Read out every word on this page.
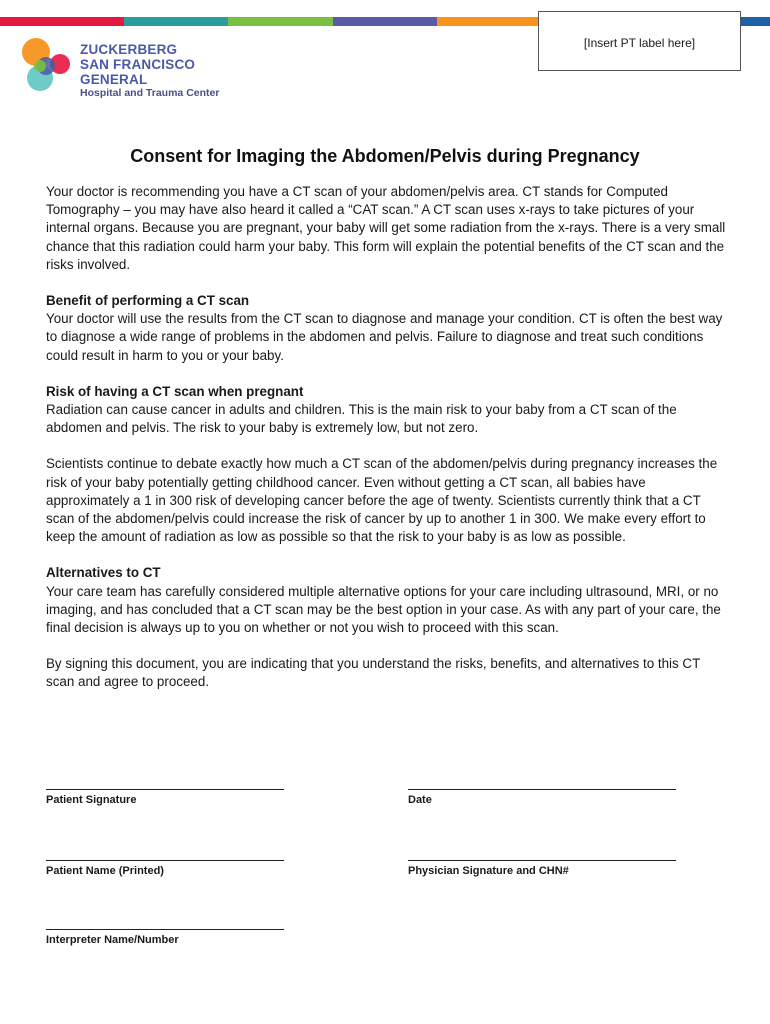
ZUCKERBERG
SAN FRANCISCO GENERAL
Hospital and Trauma Center
[Insert PT label here]
Consent for Imaging the Abdomen/Pelvis during Pregnancy

Your doctor is recommending you have a CT scan of your abdomen/pelvis area. CT stands for Computed Tomography – you may have also heard it called a “CAT scan.” A CT scan uses x-rays to take pictures of your internal organs. Because you are pregnant, your baby will get some radiation from the x-rays. There is a very small chance that this radiation could harm your baby. This form will explain the potential benefits of the CT scan and the risks involved.

Benefit of performing a CT scan

Your doctor will use the results from the CT scan to diagnose and manage your condition. CT is often the best way to diagnose a wide range of problems in the abdomen and pelvis. Failure to diagnose and treat such conditions could result in harm to you or your baby.

Risk of having a CT scan when pregnant

Radiation can cause cancer in adults and children. This is the main risk to your baby from a CT scan of the abdomen and pelvis. The risk to your baby is extremely low, but not zero.

Scientists continue to debate exactly how much a CT scan of the abdomen/pelvis during pregnancy increases the risk of your baby potentially getting childhood cancer. Even without getting a CT scan, all babies have approximately a 1 in 300 risk of developing cancer before the age of twenty. Scientists currently think that a CT scan of the abdomen/pelvis could increase the risk of cancer by up to another 1 in 300. We make every effort to keep the amount of radiation as low as possible so that the risk to your baby is as low as possible.

Alternatives to CT

Your care team has carefully considered multiple alternative options for your care including ultrasound, MRI, or no imaging, and has concluded that a CT scan may be the best option in your case. As with any part of your care, the final decision is always up to you on whether or not you wish to proceed with this scan.

By signing this document, you are indicating that you understand the risks, benefits, and alternatives to this CT scan and agree to proceed.

Patient Signature	Date
Patient Name (Printed)	Physician Signature and CHN#
Interpreter Name/Number
